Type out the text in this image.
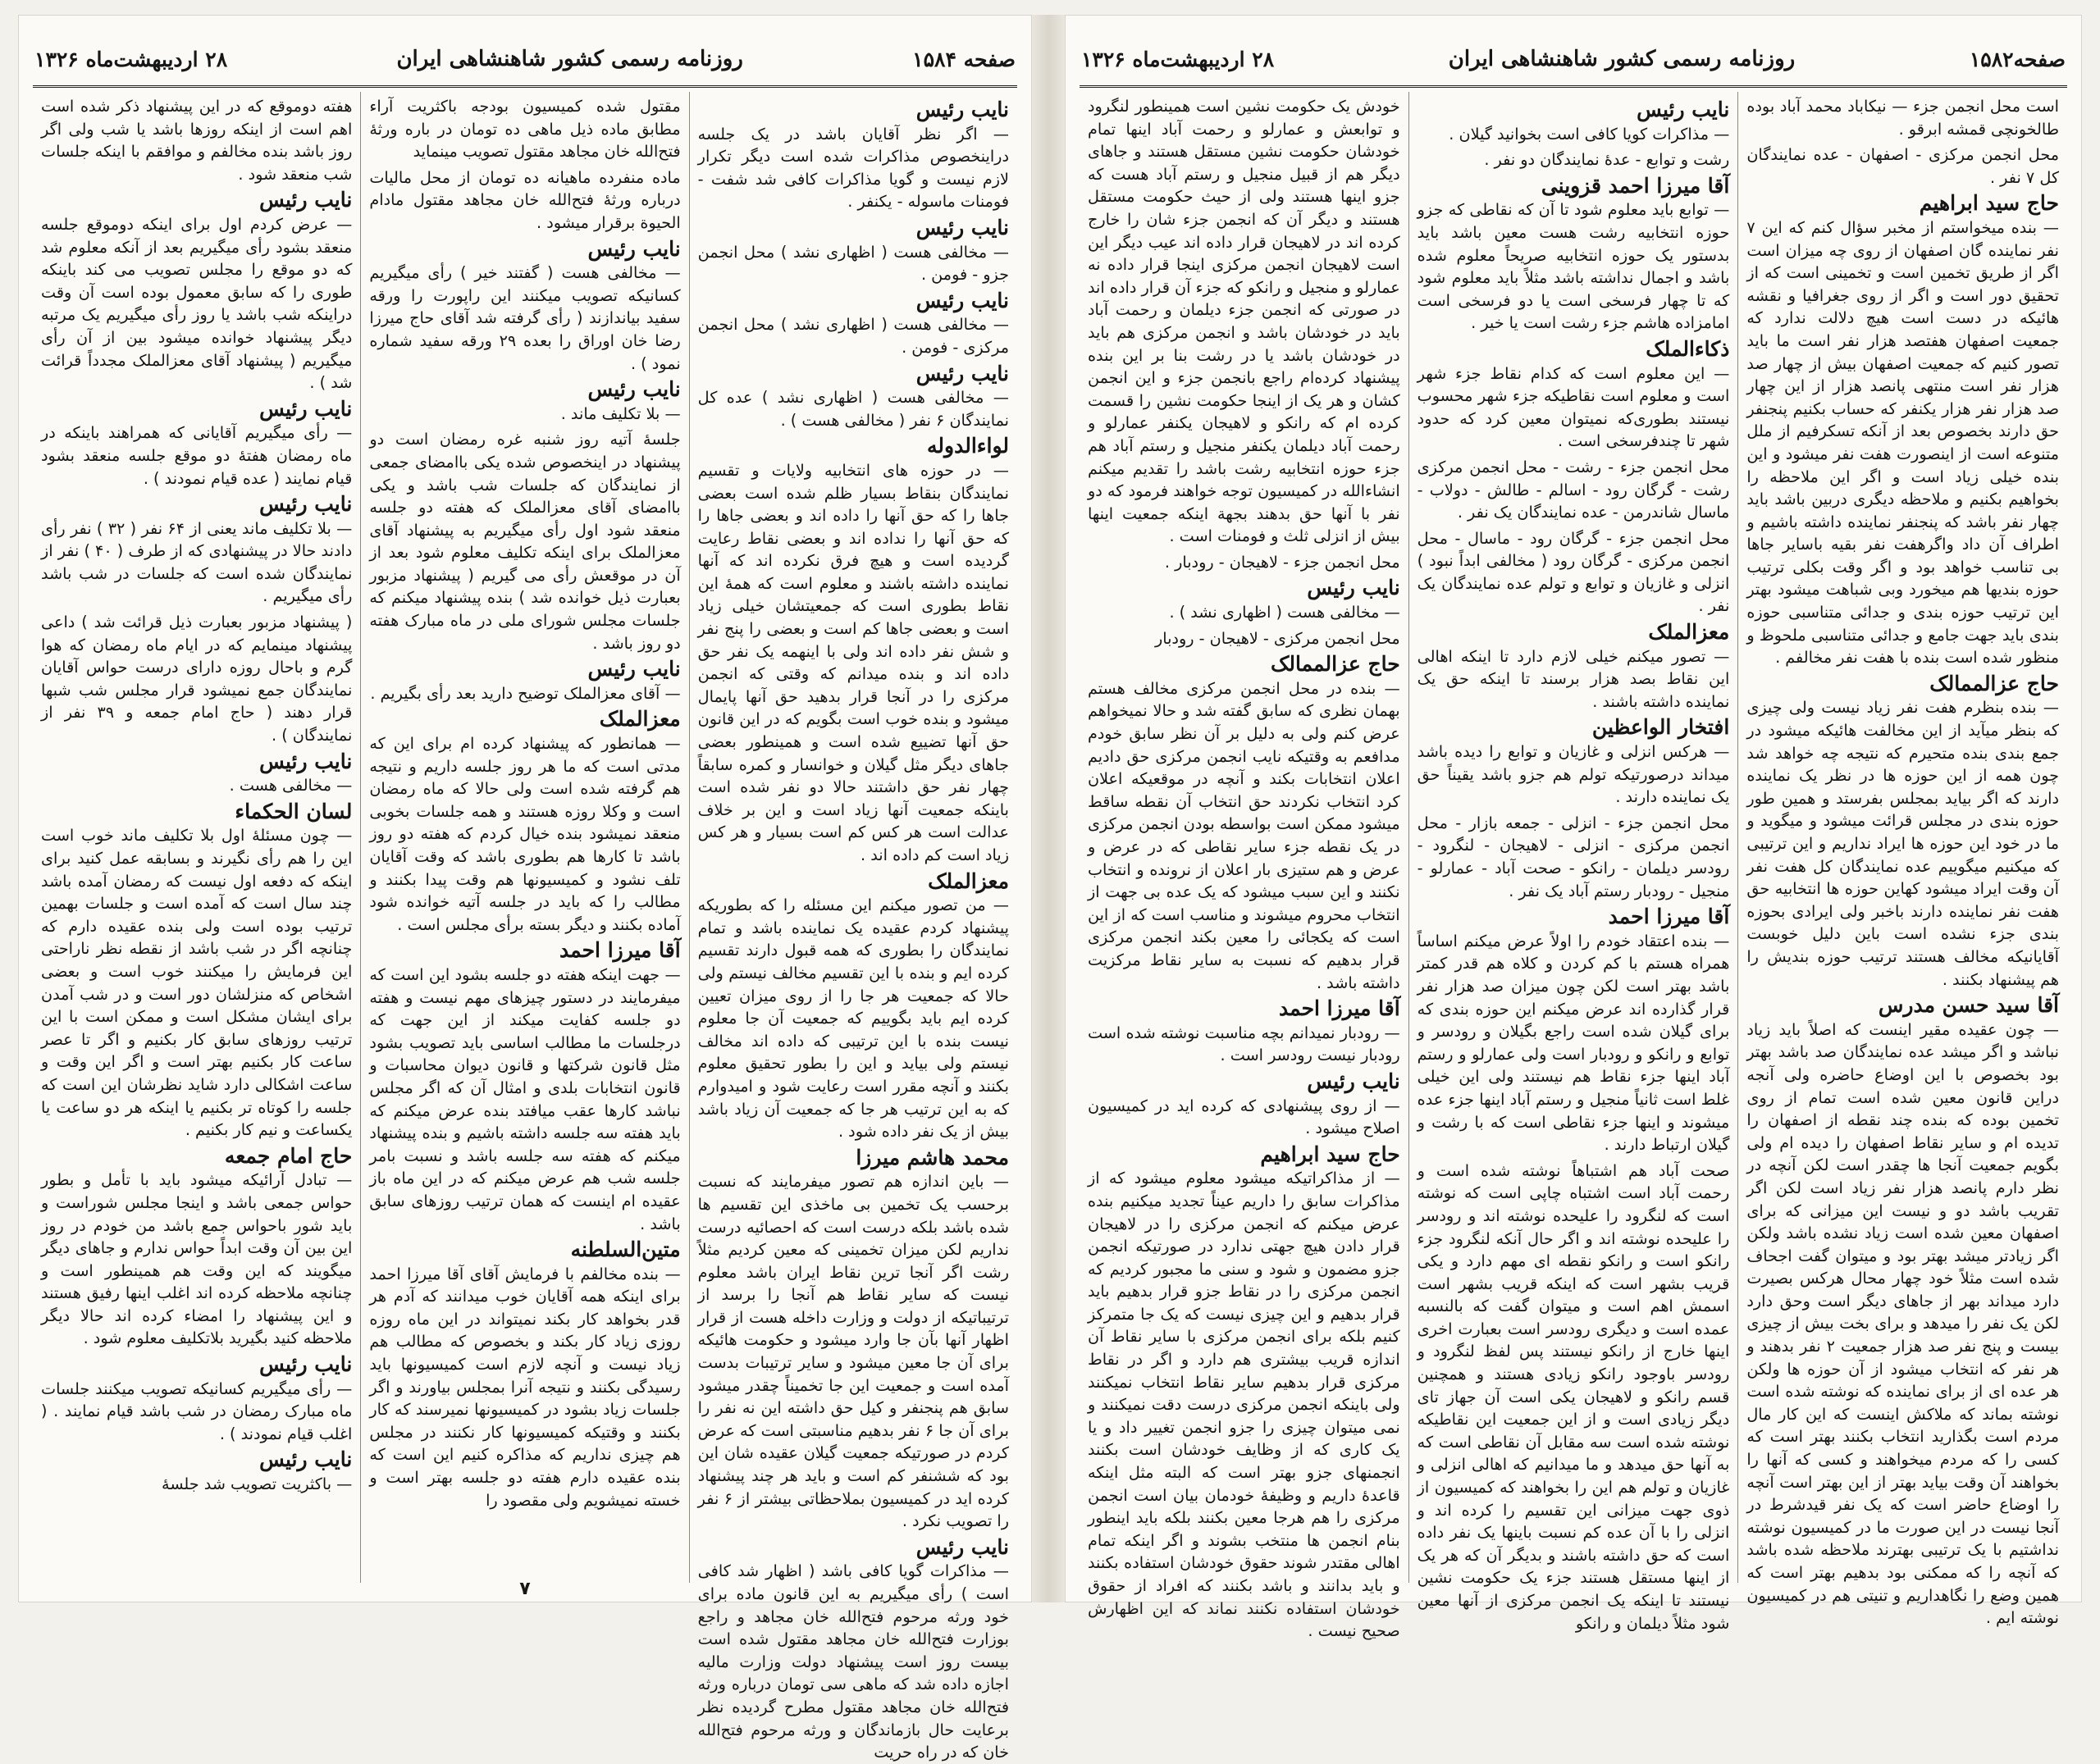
صفحه ۱۵۸۴
روزنامه رسمی کشور شاهنشاهی ایران
۲۸ اردیبهشت‌ماه ۱۳۲۶
نایب رئیس

— اگر نظر آقایان باشد در یک جلسه دراینخصوص مذاکرات شده است دیگر تکرار لازم نیست و گویا مذاکرات کافی شد شفت - فومنات ماسوله - یکنفر .

نایب رئیس

— مخالفی هست ( اظهاری نشد ) محل انجمن جزو - فومن .

نایب رئیس

— مخالفی هست ( اظهاری نشد ) محل انجمن مرکزی - فومن .

نایب رئیس

— مخالفی هست ( اظهاری نشد ) عده کل نمایندگان ۶ نفر ( مخالفی هست ) .

لواء‌الدوله

— در حوزه های انتخابیه ولایات و تقسیم نمایندگان بنقاط بسیار ظلم شده است بعضی جاها را که حق آنها را داده اند و بعضی جاها را که حق آنها را نداده اند و بعضی نقاط رعایت گردیده است و هیچ فرق نکرده اند که آنها نماینده داشته باشند و معلوم است که همهٔ این نقاط بطوری است که جمعیتشان خیلی زیاد است و بعضی جاها کم است و بعضی را پنج نفر و شش نفر داده اند ولی با اینهمه یک نفر حق داده اند و بنده میدانم که وقتی که انجمن مرکزی را در آنجا قرار بدهید حق آنها پایمال میشود و بنده خوب است بگویم که در این قانون حق آنها تضییع شده است و همینطور بعضی جاهای دیگر مثل گیلان و خوانسار و کمره سابقاً چهار نفر حق داشتند حالا دو نفر شده است باینکه جمعیت آنها زیاد است و این بر خلاف عدالت است هر کس کم است بسیار و هر کس زیاد است کم داده اند .

معزالملک

— من تصور میکنم این مسئله را که بطوریکه پیشنهاد کردم عقیده یک نماینده باشد و تمام نمایندگان را بطوری که همه قبول دارند تقسیم کرده ایم و بنده با این تقسیم مخالف نیستم ولی حالا که جمعیت هر جا را از روی میزان تعیین کرده ایم باید بگوییم که جمعیت آن جا معلوم نیست بنده با این ترتیبی که داده اند مخالف نیستم ولی بیاید و این را بطور تحقیق معلوم بکنند و آنچه مقرر است رعایت شود و امیدوارم که به این ترتیب هر جا که جمعیت آن زیاد باشد بیش از یک نفر داده شود .

محمد هاشم میرزا

— باین اندازه هم تصور میفرمایند که نسبت برحسب یک تخمین بی ماخذی این تقسیم ها شده باشد بلکه درست است که احصائیه درست نداریم لکن میزان تخمینی که معین کردیم مثلاً رشت اگر آنجا ترین نقاط ایران باشد معلوم نیست که سایر نقاط هم آنجا را برسد از ترتیباتیکه از دولت و وزارت داخله هست از قرار اظهار آنها بآن جا وارد میشود و حکومت هائیکه برای آن جا معین میشود و سایر ترتیبات بدست آمده است و جمعیت این جا تخمیناً چقدر میشود سابق هم پنجنفر و کیل حق داشته این نه نفر را برای آن جا ۶ نفر بدهیم مناسبتی است که عرض کردم در صورتیکه جمعیت گیلان عقیده شان این بود که ششنفر کم است و باید هر چند پیشنهاد کرده اید در کمیسیون بملاحظاتی بیشتر از ۶ نفر را تصویب نکرد .

نایب رئیس

— مذاکرات گویا کافی باشد ( اظهار شد کافی است ) رأی میگیریم به این قانون ماده برای خود ورثه مرحوم فتح‌الله خان مجاهد و راجع بوزارت فتح‌الله خان مجاهد مقتول شده است بیست روز است پیشنهاد دولت وزارت مالیه اجازه داده شد که ماهی سی تومان درباره ورثه فتح‌الله خان مجاهد مقتول مطرح گردیده نظر برعایت حال بازماندگان و ورثه مرحوم فتح‌الله خان که در راه حریت

مقتول شده کمیسیون بودجه باکثریت آراء مطابق ماده ذیل ماهی ده تومان در باره ورثهٔ فتح‌الله خان مجاهد مقتول تصویب مینماید

ماده منفرده ماهیانه ده تومان از محل مالیات درباره ورثهٔ فتح‌الله خان مجاهد مقتول مادام الحیوة برقرار میشود .

نایب رئیس

— مخالفی هست ( گفتند خیر ) رأی میگیریم کسانیکه تصویب میکنند این راپورت را ورقه سفید بیاندازند ( رأی گرفته شد آقای حاج میرزا رضا خان اوراق را بعده ۲۹ ورقه سفید شماره نمود ) .

نایب رئیس

— بلا تکلیف ماند .

جلسهٔ آتیه روز شنبه غره رمضان است دو پیشنهاد در اینخصوص شده یکی باامضای جمعی از نمایندگان که جلسات شب باشد و یکی باامضای آقای معزالملک که هفته دو جلسه منعقد شود اول رأی میگیریم به پیشنهاد آقای معزالملک برای اینکه تکلیف معلوم شود بعد از آن در موقعش رأی می گیریم ( پیشنهاد مزبور بعبارت ذیل خوانده شد ) بنده پیشنهاد میکنم که جلسات مجلس شورای ملی در ماه مبارک هفته دو روز باشد .

نایب رئیس

— آقای معزالملک توضیح دارید بعد رأی بگیریم .

معزالملک

— همانطور که پیشنهاد کرده ام برای این که مدتی است که ما هر روز جلسه داریم و نتیجه هم گرفته شده است ولی حالا که ماه رمضان است و وکلا روزه هستند و همه جلسات بخوبی منعقد نمیشود بنده خیال کردم که هفته دو روز باشد تا کارها هم بطوری باشد که وقت آقایان تلف نشود و کمیسیونها هم وقت پیدا بکنند و مطالب را که باید در جلسه آتیه خوانده شود آماده بکنند و دیگر بسته برأی مجلس است .

آقا میرزا احمد

— جهت اینکه هفته دو جلسه بشود این است که میفرمایند در دستور چیزهای مهم نیست و هفته دو جلسه کفایت میکند از این جهت که درجلسات ما مطالب اساسی باید تصویب بشود مثل قانون شرکتها و قانون دیوان محاسبات و قانون انتخابات بلدی و امثال آن که اگر مجلس نباشد کارها عقب میافتد بنده عرض میکنم که باید هفته سه جلسه داشته باشیم و بنده پیشنهاد میکنم که هفته سه جلسه باشد و نسبت بامر جلسه شب هم عرض میکنم که در این ماه باز عقیده ام اینست که همان ترتیب روزهای سابق باشد .

متین‌السلطنه

— بنده مخالفم با فرمایش آقای آقا میرزا احمد برای اینکه همه آقایان خوب میدانند که آدم هر قدر بخواهد کار بکند نمیتواند در این ماه روزه روزی زیاد کار بکند و بخصوص که مطالب هم زیاد نیست و آنچه لازم است کمیسیونها باید رسیدگی بکنند و نتیجه آنرا بمجلس بیاورند و اگر جلسات زیاد بشود در کمیسیونها نمیرسند که کار بکنند و وقتیکه کمیسیونها کار نکنند در مجلس هم چیزی نداریم که مذاکره کنیم این است که بنده عقیده دارم هفته دو جلسه بهتر است و خسته نمیشویم ولی مقصود را

هفته دوموقع که در این پیشنهاد ذکر شده است اهم است از اینکه روزها باشد یا شب ولی اگر روز باشد بنده مخالفم و موافقم با اینکه جلسات شب منعقد شود .

نایب رئیس

— عرض کردم اول برای اینکه دوموقع جلسه منعقد بشود رأی میگیریم بعد از آنکه معلوم شد که دو موقع را مجلس تصویب می کند باینکه طوری را که سابق معمول بوده است آن وقت دراینکه شب باشد یا روز رأی میگیریم یک مرتبه دیگر پیشنهاد خوانده میشود بین از آن رأی میگیریم ( پیشنهاد آقای معزالملک مجدداً قرائت شد ) .

نایب رئیس

— رأی میگیریم آقایانی که همراهند باینکه در ماه رمضان هفتهٔ دو موقع جلسه منعقد بشود قیام نمایند ( عده قیام نمودند ) .

نایب رئیس

— بلا تکلیف ماند یعنی از ۶۴ نفر ( ۳۲ ) نفر رأی دادند حالا در پیشنهادی که از طرف ( ۴۰ ) نفر از نمایندگان شده است که جلسات در شب باشد رأی میگیریم .

( پیشنهاد مزبور بعبارت ذیل قرائت شد ) داعی پیشنهاد مینمایم که در ایام ماه رمضان که هوا گرم و باحال روزه دارای درست حواس آقایان نمایندگان جمع نمیشود قرار مجلس شب شبها قرار دهند ( حاج امام جمعه و ۳۹ نفر از نمایندگان ) .

نایب رئیس

— مخالفی هست .

لسان الحکماء

— چون مسئلهٔ اول بلا تکلیف ماند خوب است این را هم رأی نگیرند و بسابقه عمل کنید برای اینکه که دفعه اول نیست که رمضان آمده باشد چند سال است که آمده است و جلسات بهمین ترتیب بوده است ولی بنده عقیده دارم که چنانچه اگر در شب باشد از نقطه نظر ناراحتی این فرمایش را میکنند خوب است و بعضی اشخاص که منزلشان دور است و در شب آمدن برای ایشان مشکل است و ممکن است با این ترتیب روزهای سابق کار بکنیم و اگر تا عصر ساعت کار بکنیم بهتر است و اگر این وقت و ساعت اشکالی دارد شاید نظرشان این است که جلسه را کوتاه تر بکنیم یا اینکه هر دو ساعت یا یکساعت و نیم کار بکنیم .

حاج امام جمعه

— تبادل آرائیکه میشود باید با تأمل و بطور حواس جمعی باشد و اینجا مجلس شوراست و باید شور باحواس جمع باشد من خودم در روز این بین آن وقت ابداً حواس ندارم و جاهای دیگر میگویند که این وقت هم همینطور است و چنانچه ملاحظه کرده اند اغلب اینها رفیق هستند و این پیشنهاد را امضاء کرده اند حالا دیگر ملاحظه کنید بگیرید بلاتکلیف معلوم شود .

نایب رئیس

— رأی میگیریم کسانیکه تصویب میکنند جلسات ماه مبارک رمضان در شب باشد قیام نمایند . ( اغلب قیام نمودند ) .

نایب رئیس

— باکثریت تصویب شد جلسهٔ

۷
صفحه۱۵۸۲
روزنامه رسمی کشور شاهنشاهی ایران
۲۸ اردیبهشت‌ماه ۱۳۲۶

است محل انجمن جزء — نیکاباد محمد آباد بوده طالخونچی قمشه ابرقو .

محل انجمن مرکزی - اصفهان - عده نمایندگان کل ۷ نفر .

حاج سید ابراهیم

— بنده میخواستم از مخبر سؤال کنم که این ۷ نفر نماینده گان اصفهان از روی چه میزان است اگر از طریق تخمین است و تخمینی است که از تحقیق دور است و اگر از روی جغرافیا و نقشه هائیکه در دست است هیچ دلالت ندارد که جمعیت اصفهان هفتصد هزار نفر است ما باید تصور کنیم که جمعیت اصفهان بیش از چهار صد هزار نفر است منتهی پانصد هزار از این چهار صد هزار نفر هزار یکنفر که حساب بکنیم پنجنفر حق دارند بخصوص بعد از آنکه تسکرفیم از ملل متنوعه است از اینصورت هفت نفر میشود و این بنده خیلی زیاد است و اگر این ملاحظه را بخواهیم بکنیم و ملاحظه دیگری دربین باشد باید چهار نفر باشد که پنجنفر نماینده داشته باشیم و اطراف آن داد واگرهفت نفر بقیه باسایر جاها بی تناسب خواهد بود و اگر وقت بکلی ترتیب حوزه بندیها هم میخورد وبی شباهت میشود بهتر این ترتیب حوزه بندی و جدائی متناسبی حوزه بندی باید جهت جامع و جدائی متناسبی ملحوظ و منظور شده است بنده با هفت نفر مخالفم .

حاج عزالممالک

— بنده بنظرم هفت نفر زیاد نیست ولی چیزی که بنظر میآید از این مخالفت هائیکه میشود در جمع بندی بنده متحیرم که نتیجه چه خواهد شد چون همه از این حوزه ها در نظر یک نماینده دارند که اگر بیاید بمجلس بفرستد و همین طور حوزه بندی در مجلس قرائت میشود و میگوید و ما در خود این حوزه ها ایراد نداریم و این ترتیبی که میکنیم میگوییم عده نمایندگان کل هفت نفر آن وقت ایراد میشود کهاین حوزه ها انتخابیه حق هفت نفر نماینده دارند باخبر ولی ایرادی بحوزه بندی جزء نشده است باین دلیل خوبست آقایانیکه مخالف هستند ترتیب حوزه بندیش را هم پیشنهاد بکنند .

آقا سید حسن مدرس

— چون عقیده مقیر اینست که اصلاً باید زیاد نباشد و اگر میشد عده نمایندگان صد باشد بهتر بود بخصوص با این اوضاع حاضره ولی آنجه دراین قانون معین شده است تمام از روی تخمین بوده که بنده چند نقطه از اصفهان را تدیده ام و سایر نقاط اصفهان را دیده ام ولی بگویم جمعیت آنجا ها چقدر است لکن آنچه در نظر دارم پانصد هزار نفر زیاد است لکن اگر تقریب باشد دو و نیست این میزانی که برای اصفهان معین شده است زیاد نشده باشد ولکن اگر زیادتر میشد بهتر بود و میتوان گفت اجحاف شده است مثلاً خود چهار محال هرکس بصیرت دارد میداند بهر از جاهای دیگر است وحق دارد لکن یک نفر را میدهد و برای بخت بیش از چیزی بیست و پنج نفر صد هزار جمعیت ۲ نفر بدهند و هر نفر که انتخاب میشود از آن حوزه ها ولکن هر عده ای از برای نماینده که نوشته شده است نوشته بماند که ملاکش اینست که این کار مال مردم است بگذارید انتخاب بکنند بهتر است که کسی را که مردم میخواهند و کسی که آنها را بخواهند آن وقت بیاید بهتر از این بهتر است آنچه را اوضاع حاضر است که یک نفر قیدشرط در آنجا نیست در این صورت ما در کمیسیون نوشته نداشتیم با یک ترتیبی بهترند ملاحظه شده باشد که آنچه را که ممکنی بود بدهیم بهتر است که همین وضع را نگاهداریم و تنیتی هم در کمیسیون نوشته ایم .

نایب رئیس

— مذاکرات کویا کافی است بخوانید گیلان .

رشت و توابع - عدهٔ نمایندگان دو نفر .

آقا میرزا احمد قزوینی

— توابع باید معلوم شود تا آن که نقاطی که جزو حوزه انتخابیه رشت هست معین باشد باید بدستور یک حوزه انتخابیه صریحاً معلوم شده باشد و اجمال نداشته باشد مثلاً باید معلوم شود که تا چهار فرسخی است یا دو فرسخی است امامزاده هاشم جزء رشت است یا خیر .

ذکاء‌الملک

— این معلوم است که کدام نقاط جزء شهر است و معلوم است نقاطیکه جزء شهر محسوب نیستند بطوری‌که نمیتوان معین کرد که حدود شهر تا چندفرسخی است .

محل انجمن جزء - رشت - محل انجمن مرکزی رشت - گرگان رود - اسالم - طالش - دولاب - ماسال شاندرمن - عده نمایندگان یک نفر .

محل انجمن جزء - گرگان رود - ماسال - محل انجمن مرکزی - گرگان رود ( مخالفی ابداً نبود ) انزلی و غازیان و توابع و تولم عده نمایندگان یک نفر .

معزالملک

— تصور میکنم خیلی لازم دارد تا اینکه اهالی این نقاط بصد هزار برسند تا اینکه حق یک نماینده داشته باشند .

افتخار الواعظین

— هرکس انزلی و غازیان و توابع را دیده باشد میداند درصورتیکه تولم هم جزو باشد یقیناً حق یک نماینده دارند .

محل انجمن جزء - انزلی - جمعه بازار - محل انجمن مرکزی - انزلی - لاهیجان - لنگرود - رودسر دیلمان - رانکو - صحت آباد - عمارلو - منجیل - رودبار رستم آباد یک نفر .

آقا میرزا احمد

— بنده اعتقاد خودم را اولاً عرض میکنم اساساً همراه هستم با کم کردن و کلاه هم قدر کمتر باشد بهتر است لکن چون میزان صد هزار نفر قرار گذارده اند عرض میکنم این حوزه بندی که برای گیلان شده است راجع بگیلان و رودسر و توابع و رانکو و رودبار است ولی عمارلو و رستم آباد اینها جزء نقاط هم نیستند ولی این خیلی غلط است ثانیاً منجیل و رستم آباد اینها جزء عده میشوند و اینها جزء نقاطی است که با رشت و گیلان ارتباط دارند .

صحت آباد هم اشتباهاً نوشته شده است و رحمت آباد است اشتباه چاپی است که نوشته است که لنگرود را علیحده نوشته اند و رودسر را علیحده نوشته اند و اگر حال آنکه لنگرود جزء رانکو است و رانکو نقطه ای مهم دارد و یکی قریب بشهر است که اینکه قریب بشهر است اسمش اهم است و میتوان گفت که بالنسبه عمده است و دیگری رودسر است بعبارت اخری اینها خارج از رانکو نیستند پس لفظ لنگرود و رودسر باوجود رانکو زیادی هستند و همچنین قسم رانکو و لاهیجان یکی است آن جهاز تای دیگر زیادی است و از این جمعیت این نقاطیکه نوشته شده است سه مقابل آن نقاطی است که به آنها حق میدهد و ما میدانیم که اهالی انزلی و غازیان و تولم هم این را بخواهند که کمیسیون از ذوی جهت میزانی این تقسیم را کرده اند و انزلی را با آن عده کم نسبت باینها یک نفر داده است که حق داشته باشند و بدیگر آن که هر یک از اینها مستقل هستند جزء یک حکومت نشین نیستند تا اینکه یک انجمن مرکزی از آنها معین شود مثلاً دیلمان و رانکو

خودش یک حکومت نشین است همینطور لنگرود و توابعش و عمارلو و رحمت آباد اینها تمام خودشان حکومت نشین مستقل هستند و جاهای دیگر هم از قبیل منجیل و رستم آباد هست که جزو اینها هستند ولی از حیث حکومت مستقل هستند و دیگر آن که انجمن جزء شان را خارج کرده اند در لاهیجان قرار داده اند عیب دیگر این است لاهیجان انجمن مرکزی اینجا قرار داده نه عمارلو و منجیل و رانکو که جزء آن قرار داده اند در صورتی که انجمن جزء دیلمان و رحمت آباد باید در خودشان باشد و انجمن مرکزی هم باید در خودشان باشد یا در رشت بنا بر این بنده پیشنهاد کرده‌ام راجع بانجمن جزء و این انجمن کشان و هر یک از اینجا حکومت نشین را قسمت کرده ام که رانکو و لاهیجان یکنفر عمارلو و رحمت آباد دیلمان یکنفر منجیل و رستم آباد هم جزء حوزه انتخابیه رشت باشد را تقدیم میکنم انشاء‌الله در کمیسیون توجه خواهند فرمود که دو نفر با آنها حق بدهند بجهة اینکه جمعیت اینها بیش از انزلی ثلث و فومنات است .

محل انجمن جزء - لاهیجان - رودبار .

نایب رئیس

— مخالفی هست ( اظهاری نشد ) .

محل انجمن مرکزی - لاهیجان - رودبار

حاج عزالممالک

— بنده در محل انجمن مرکزی مخالف هستم بهمان نظری که سابق گفته شد و حالا نمیخواهم عرض کنم ولی به دلیل بر آن نظر سابق خودم مدافعم به وقتیکه نایب انجمن مرکزی حق دادیم اعلان انتخابات بکند و آنچه در موقعیکه اعلان کرد انتخاب نکردند حق انتخاب آن نقطه ساقط میشود ممکن است بواسطه بودن انجمن مرکزی در یک نقطه جزء سایر نقاطی که در عرض و عرض و هم ستیزی بار اعلان از نرونده و انتخاب نکنند و این سبب میشود که یک عده بی جهت از انتخاب محروم میشوند و مناسب است که از این است که یکجائی را معین بکند انجمن مرکزی قرار بدهیم که نسبت به سایر نقاط مرکزیت داشته باشد .

آقا میرزا احمد

— رودبار نمیدانم بچه مناسبت نوشته شده است رودبار نیست رودسر است .

نایب رئیس

— از روی پیشنهادی که کرده اید در کمیسیون اصلاح میشود .

حاج سید ابراهیم

— از مذاکراتیکه میشود معلوم میشود که از مذاکرات سابق را داریم عیناً تجدید میکنیم بنده عرض میکنم که انجمن مرکزی را در لاهیجان قرار دادن هیچ جهتی ندارد در صورتیکه انجمن جزو مضمون و شود و سنی ما مجبور کردیم که انجمن مرکزی را در نقاط جزو قرار بدهیم باید قرار بدهیم و این چیزی نیست که یک جا متمرکز کنیم بلکه برای انجمن مرکزی با سایر نقاط آن اندازه قریب بیشتری هم دارد و اگر در نقاط مرکزی قرار بدهیم سایر نقاط انتخاب نمیکنند ولی باینکه انجمن مرکزی درست دقت نمیکنند و نمی میتوان چیزی را جزو انجمن تغییر داد و یا یک کاری که از وظایف خودشان است بکنند انجمنهای جزو بهتر است که البته مثل اینکه قاعدهٔ داریم و وظیفهٔ خودمان بیان است انجمن مرکزی را هم هرجا معین بکنند بلکه باید اینطور بنام انجمن ها منتخب بشوند و اگر اینکه تمام اهالی مقتدر شوند حقوق خودشان استفاده بکنند و باید بدانند و باشد بکنند که افراد از حقوق خودشان استفاده نکنند نماند که این اظهارش صحیح نیست .
